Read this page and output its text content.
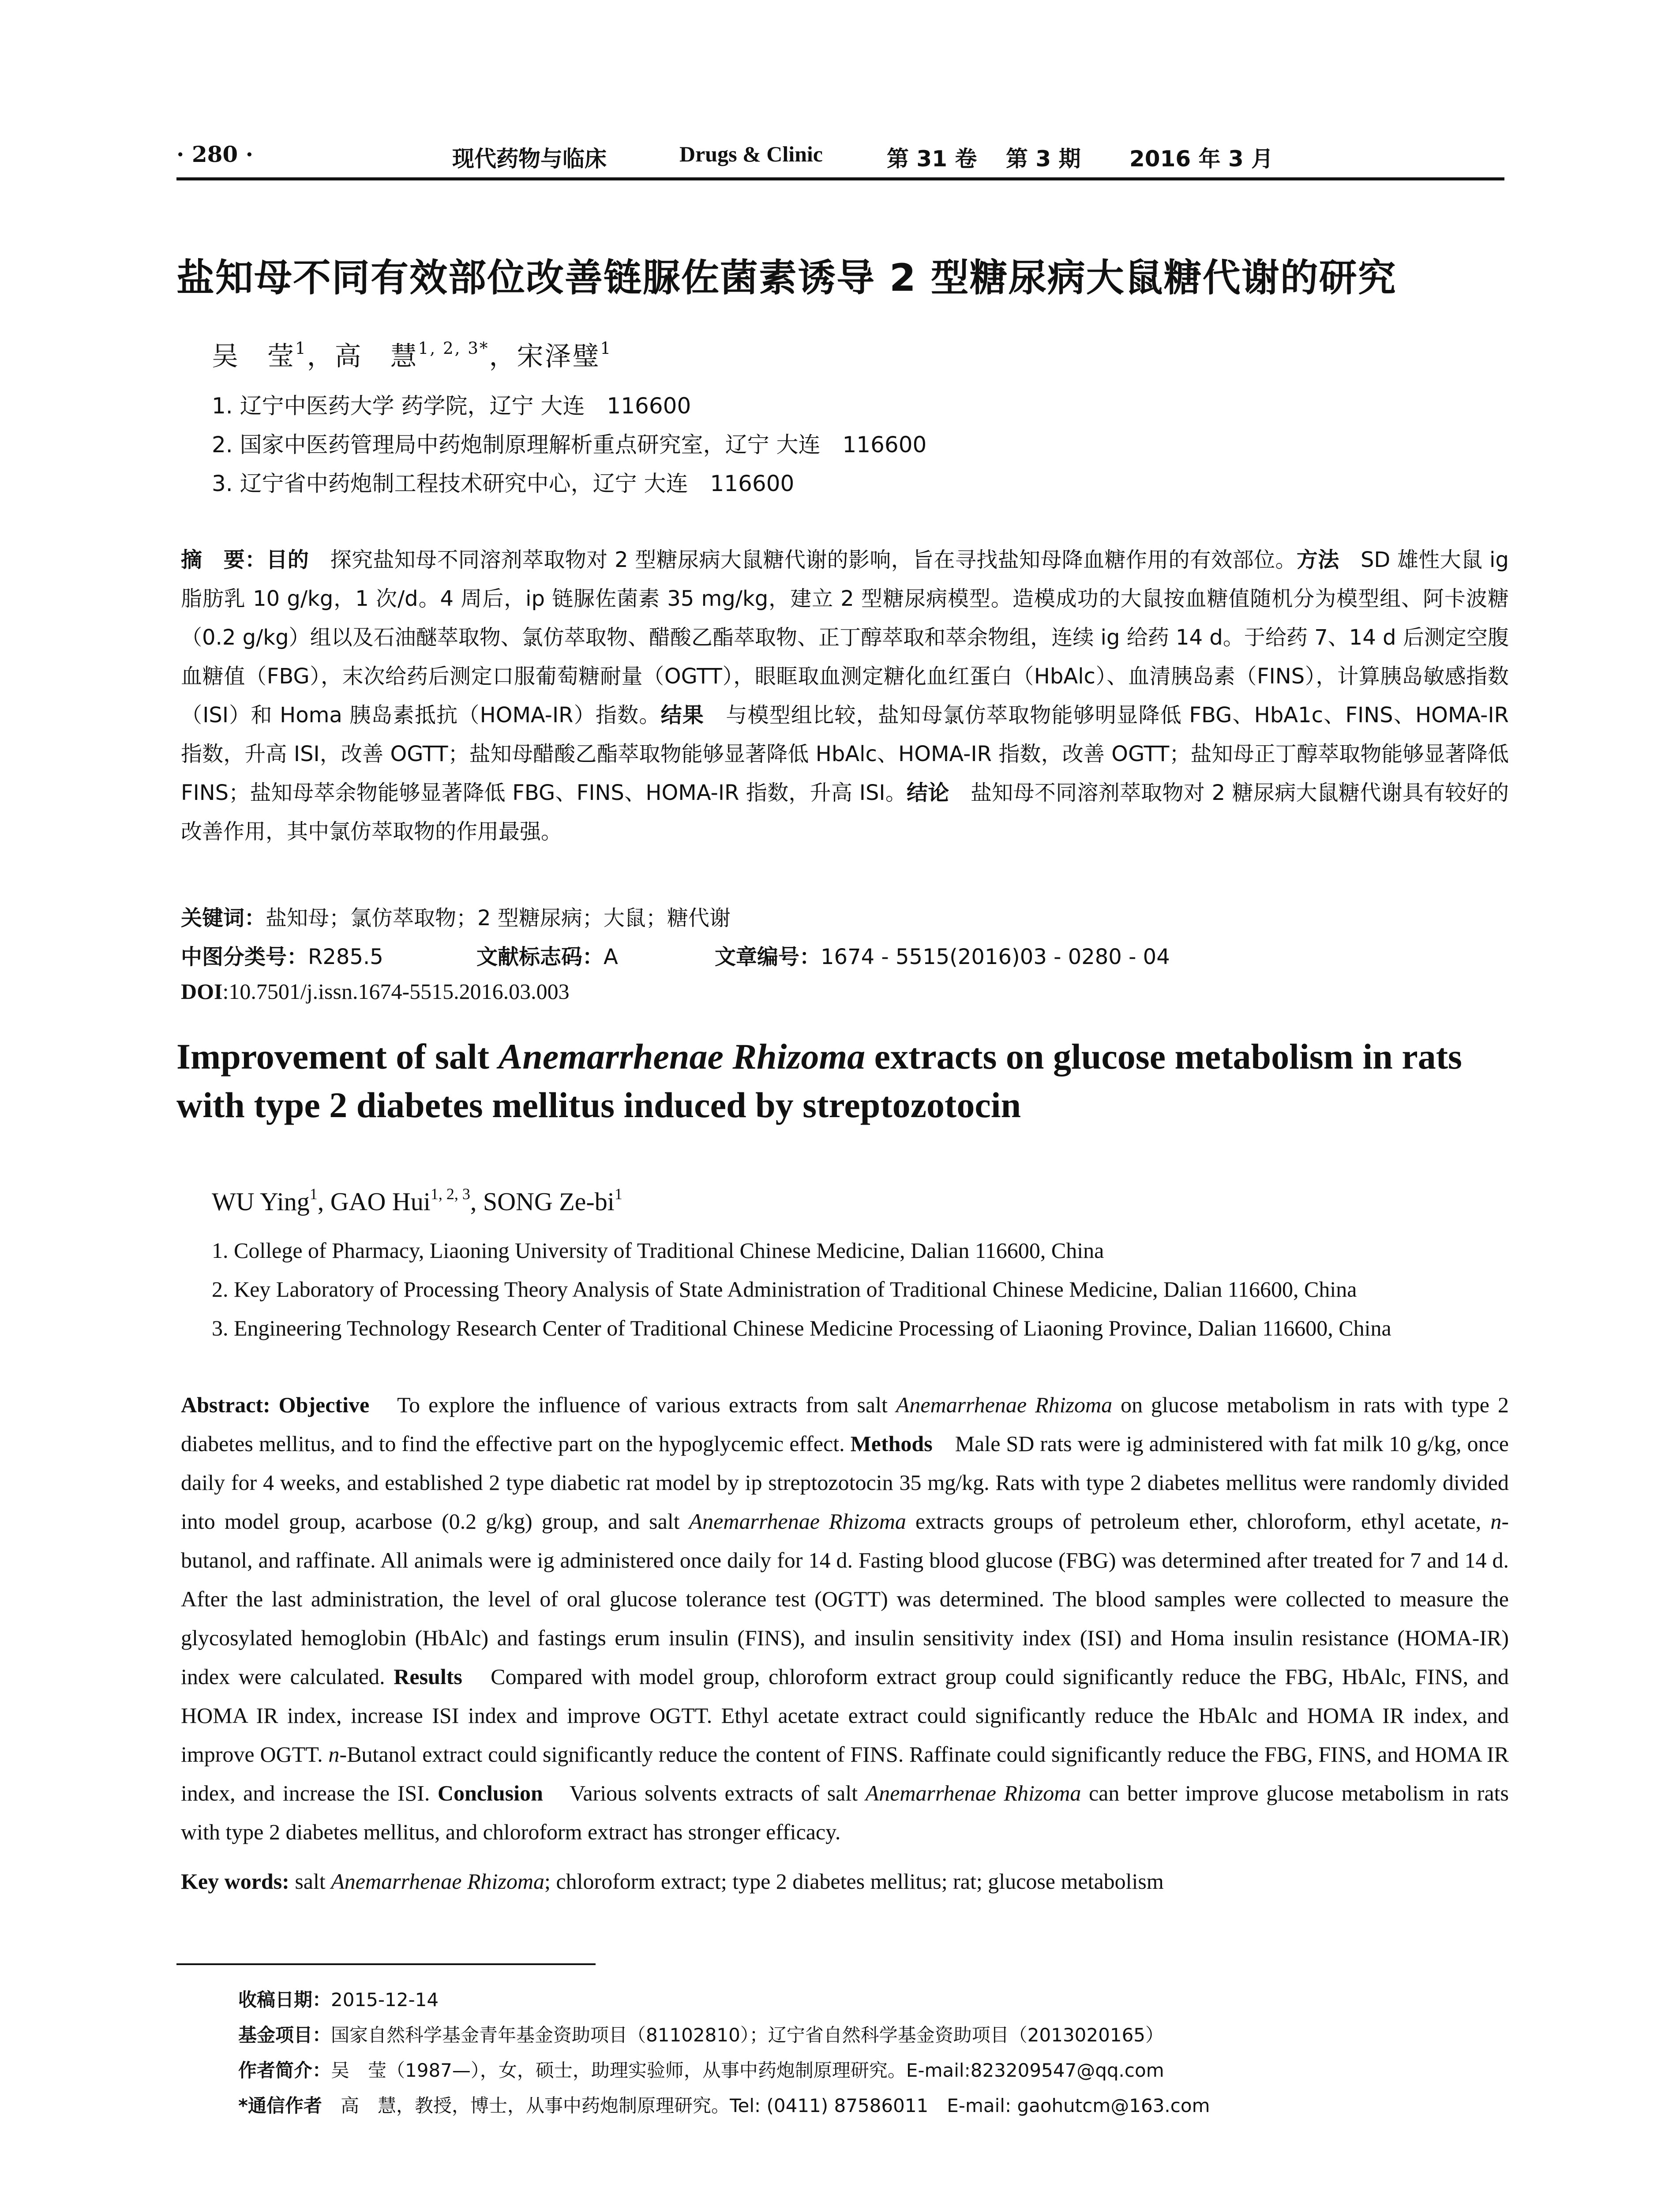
· 280 ·	现代药物与临床	Drugs & Clinic	第 31 卷 第 3 期 2016 年 3 月
盐知母不同有效部位改善链脲佐菌素诱导 2 型糖尿病大鼠糖代谢的研究
吴　莹$^1$，高　慧$^{1, 2, 3*}$，宋泽璧$^1$
1. 辽宁中医药大学 药学院，辽宁 大连　116600
2. 国家中医药管理局中药炮制原理解析重点研究室，辽宁 大连　116600
3. 辽宁省中药炮制工程技术研究中心，辽宁 大连　116600
摘　要：目的　探究盐知母不同溶剂萃取物对 2 型糖尿病大鼠糖代谢的影响，旨在寻找盐知母降血糖作用的有效部位。方法　SD 雄性大鼠 ig 脂肪乳 10 g/kg，1 次/d。4 周后，ip 链脲佐菌素 35 mg/kg，建立 2 型糖尿病模型。造模成功的大鼠按血糖值随机分为模型组、阿卡波糖（0.2 g/kg）组以及石油醚萃取物、氯仿萃取物、醋酸乙酯萃取物、正丁醇萃取和萃余物组，连续 ig 给药 14 d。于给药 7、14 d 后测定空腹血糖值（FBG），末次给药后测定口服葡萄糖耐量（OGTT），眼眶取血测定糖化血红蛋白（HbAlc）、血清胰岛素（FINS），计算胰岛敏感指数（ISI）和 Homa 胰岛素抵抗（HOMA-IR）指数。结果　与模型组比较，盐知母氯仿萃取物能够明显降低 FBG、HbA1c、FINS、HOMA-IR 指数，升高 ISI，改善 OGTT；盐知母醋酸乙酯萃取物能够显著降低 HbAlc、HOMA-IR 指数，改善 OGTT；盐知母正丁醇萃取物能够显著降低 FINS；盐知母萃余物能够显著降低 FBG、FINS、HOMA-IR 指数，升高 ISI。结论　盐知母不同溶剂萃取物对 2 糖尿病大鼠糖代谢具有较好的改善作用，其中氯仿萃取物的作用最强。
关键词：盐知母；氯仿萃取物；2 型糖尿病；大鼠；糖代谢
中图分类号：R285.5	文献标志码：A	文章编号：1674 - 5515(2016)03 - 0280 - 04
DOI:10.7501/j.issn.1674-5515.2016.03.003
Improvement of salt Anemarrhenae Rhizoma extracts on glucose metabolism in rats with type 2 diabetes mellitus induced by streptozotocin
WU Ying$^1$, GAO Hui$^{1, 2, 3}$, SONG $Ze-bi^1$
1. College of Pharmacy, Liaoning University of Traditional Chinese Medicine, Dalian 116600, China
2. Key Laboratory of Processing Theory Analysis of State Administration of Traditional Chinese Medicine, Dalian 116600, China
3. Engineering Technology Research Center of Traditional Chinese Medicine Processing of Liaoning Province, Dalian 116600, China
Abstract: Objective　To explore the influence of various extracts from salt Anemarrhenae Rhizoma on glucose metabolism in rats with type 2 diabetes mellitus, and to find the effective part on the hypoglycemic effect. Methods　Male SD rats were ig administered with fat milk 10 g/kg, once daily for 4 weeks, and established 2 type diabetic rat model by ip streptozotocin 35 mg/kg. Rats with type 2 diabetes mellitus were randomly divided into model group, acarbose (0.2 g/kg) group, and salt Anemarrhenae Rhizoma extracts groups of petroleum ether, chloroform, ethyl acetate, n-butanol, and raffinate. All animals were ig administered once daily for 14 d. Fasting blood glucose (FBG) was determined after treated for 7 and 14 d. After the last administration, the level of oral glucose tolerance test (OGTT) was determined. The blood samples were collected to measure the glycosylated hemoglobin (HbAlc) and fastings erum insulin (FINS), and insulin sensitivity index (ISI) and Homa insulin resistance (HOMA-IR) index were calculated. Results　Compared with model group, chloroform extract group could significantly reduce the FBG, HbAlc, FINS, and HOMA IR index, increase ISI index and improve OGTT. Ethyl acetate extract could significantly reduce the HbAlc and HOMA IR index, and improve OGTT. n-Butanol extract could significantly reduce the content of FINS. Raffinate could significantly reduce the FBG, FINS, and HOMA IR index, and increase the ISI. Conclusion　Various solvents extracts of salt Anemarrhenae Rhizoma can better improve glucose metabolism in rats with type 2 diabetes mellitus, and chloroform extract has stronger efficacy.
Key words: salt Anemarrhenae Rhizoma; chloroform extract; type 2 diabetes mellitus; rat; glucose metabolism
收稿日期：2015-12-14
基金项目：国家自然科学基金青年基金资助项目（81102810）；辽宁省自然科学基金资助项目（2013020165）
作者简介：吴　莹（1987—），女，硕士，助理实验师，从事中药炮制原理研究。E-mail:823209547@qq.com
*通信作者　高　慧，教授，博士，从事中药炮制原理研究。Tel: (0411) 87586011　E-mail: gaohutcm@163.com
